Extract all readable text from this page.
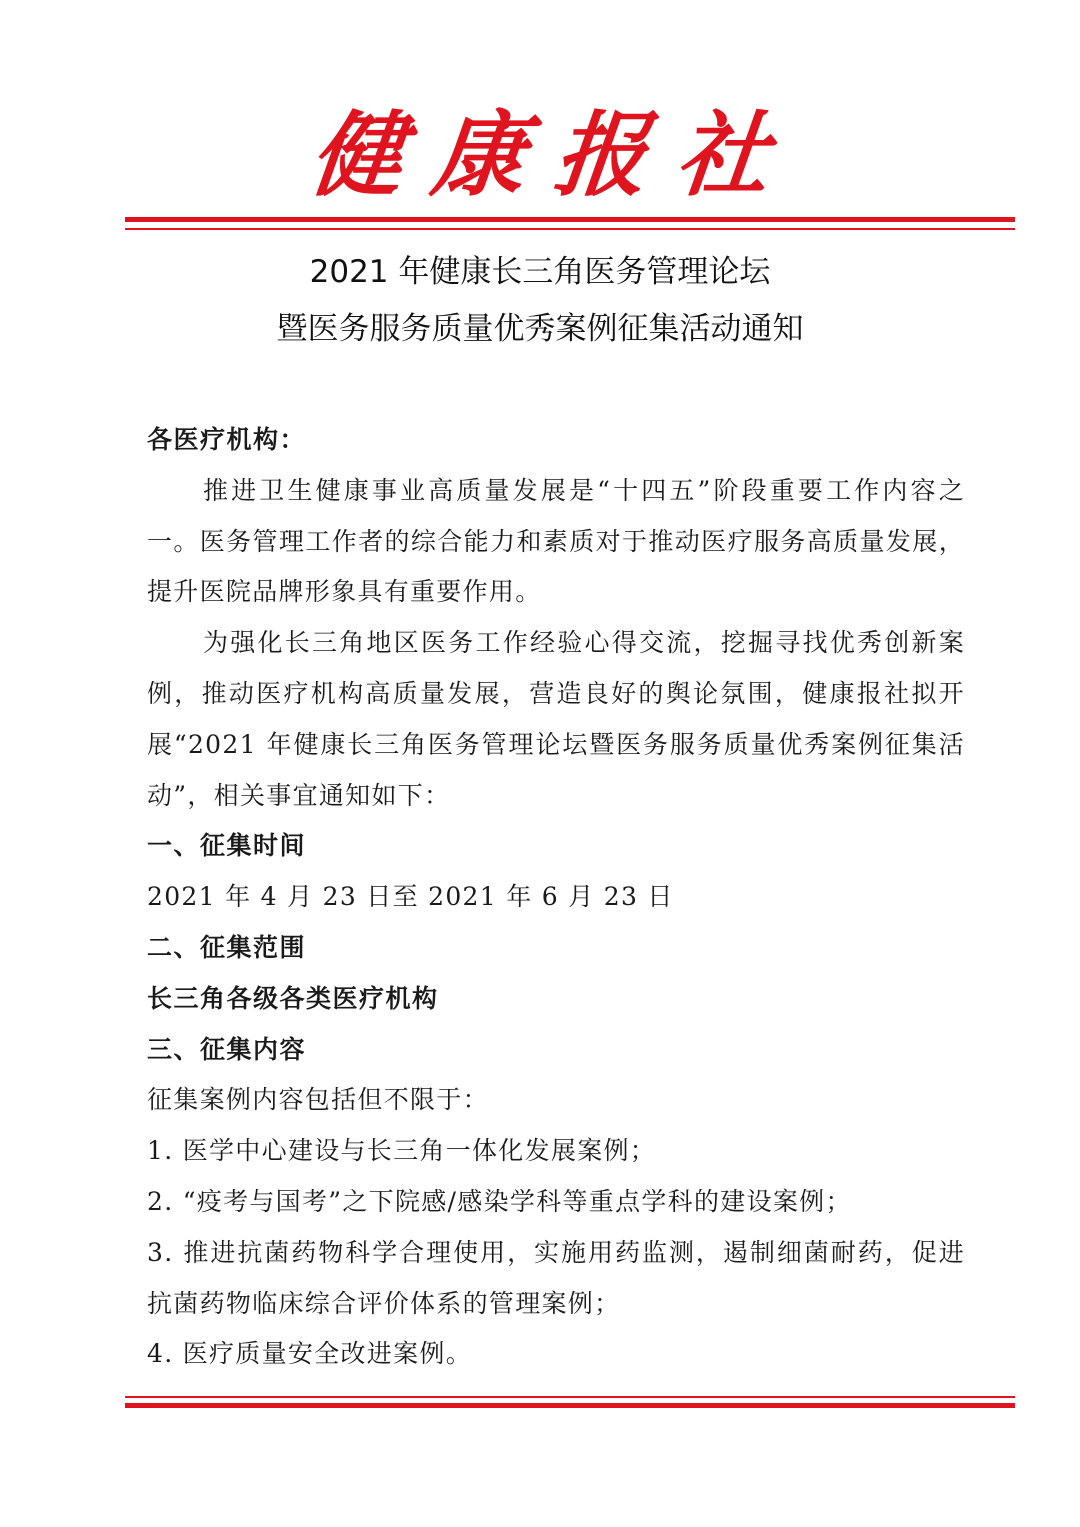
健康报社
2021 年健康长三角医务管理论坛
暨医务服务质量优秀案例征集活动通知

各医疗机构：

推进卫生健康事业高质量发展是“十四五”阶段重要工作内容之一。医务管理工作者的综合能力和素质对于推动医疗服务高质量发展，提升医院品牌形象具有重要作用。

为强化长三角地区医务工作经验心得交流，挖掘寻找优秀创新案例，推动医疗机构高质量发展，营造良好的舆论氛围，健康报社拟开展“2021 年健康长三角医务管理论坛暨医务服务质量优秀案例征集活动”，相关事宜通知如下：

一、征集时间

2021 年 4 月 23 日至 2021 年 6 月 23 日

二、征集范围

长三角各级各类医疗机构

三、征集内容

征集案例内容包括但不限于：

1. 医学中心建设与长三角一体化发展案例；

2. “疫考与国考”之下院感/感染学科等重点学科的建设案例；

3. 推进抗菌药物科学合理使用，实施用药监测，遏制细菌耐药，促进抗菌药物临床综合评价体系的管理案例；

4. 医疗质量安全改进案例。
